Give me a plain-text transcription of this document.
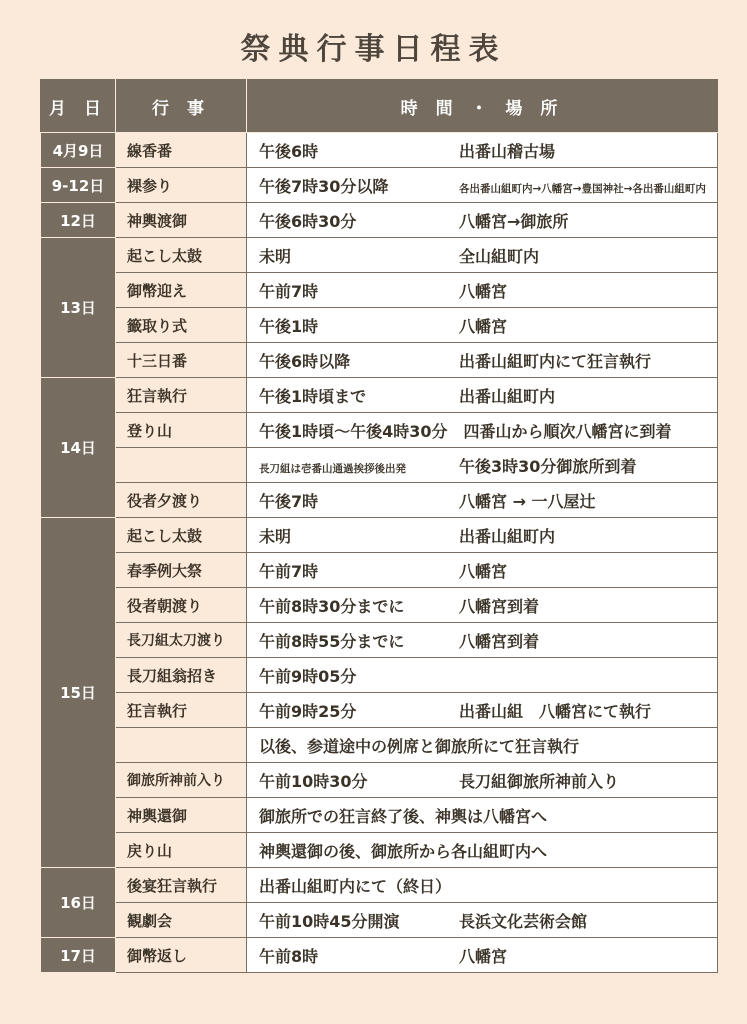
祭典行事日程表
月 日	行 事	時 間 ・ 場 所
4月9日	線香番	午後6時 出番山稽古場
9-12日	裸参り	午後7時30分以降 各出番山組町内→八幡宮→豊国神社→各出番山組町内
12日	神輿渡御	午後6時30分 八幡宮→御旅所
13日	起こし太鼓	未明 全山組町内
	御幣迎え	午前7時 八幡宮
	籤取り式	午後1時 八幡宮
	十三日番	午後6時以降 出番山組町内にて狂言執行
14日	狂言執行	午後1時頃まで 出番山組町内
	登り山	午後1時頃～午後4時30分　四番山から順次八幡宮に到着
		長刀組は壱番山通過挨拶後出発 午後3時30分御旅所到着
	役者夕渡り	午後7時 八幡宮 → 一八屋辻
15日	起こし太鼓	未明 出番山組町内
	春季例大祭	午前7時 八幡宮
	役者朝渡り	午前8時30分までに 八幡宮到着
	長刀組太刀渡り	午前8時55分までに 八幡宮到着
	長刀組翁招き	午前9時05分
	狂言執行	午前9時25分 出番山組　八幡宮にて執行
		以後、参道途中の例席と御旅所にて狂言執行
	御旅所神前入り	午前10時30分 長刀組御旅所神前入り
	神輿還御	御旅所での狂言終了後、神輿は八幡宮へ
	戻り山	神輿還御の後、御旅所から各山組町内へ
16日	後宴狂言執行	出番山組町内にて（終日）
	観劇会	午前10時45分開演 長浜文化芸術会館
17日	御幣返し	午前8時 八幡宮
